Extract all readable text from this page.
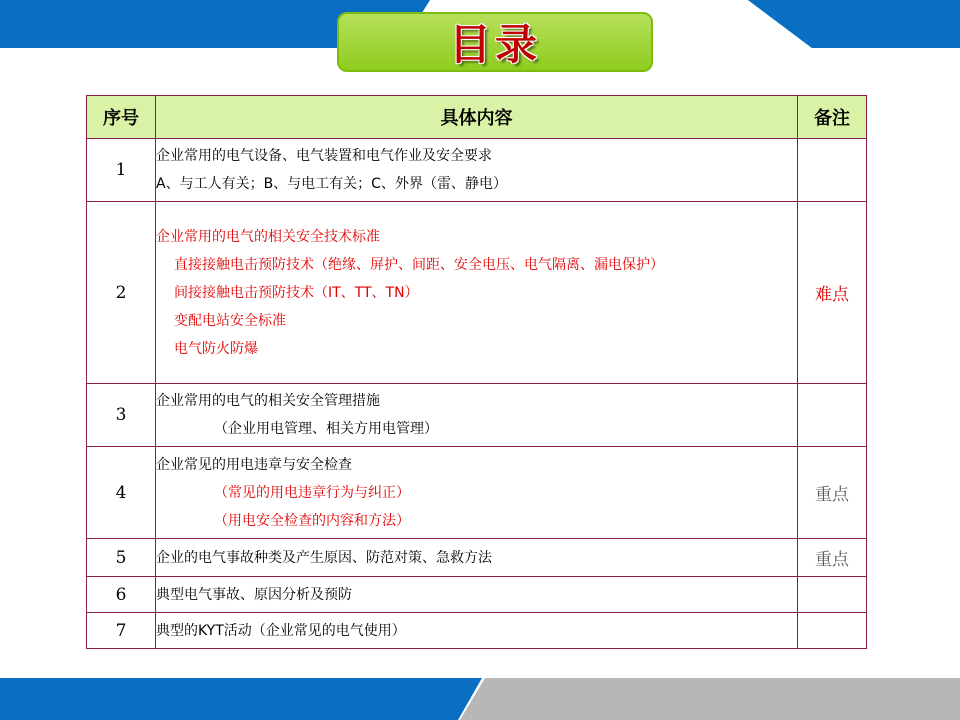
目录
序号	具体内容	备注
1	企业常用的电气设备、电气装置和电气作业及安全要求
A、与工人有关；B、与电工有关；C、外界（雷、静电）	

2	企业常用的电气的相关安全技术标准
直接接触电击预防技术（绝缘、屏护、间距、安全电压、电气隔离、漏电保护）
间接接触电击预防技术（IT、TT、TN）
变配电站安全标准
电气防火防爆	难点
3	企业常用的电气的相关安全管理措施
（企业用电管理、相关方用电管理）	

4	企业常见的用电违章与安全检查
（常见的用电违章行为与纠正）
（用电安全检查的内容和方法）	重点
5	企业的电气事故种类及产生原因、防范对策、急救方法	重点
6	典型电气事故、原因分析及预防	

7	典型的KYT活动（企业常见的电气使用）	
